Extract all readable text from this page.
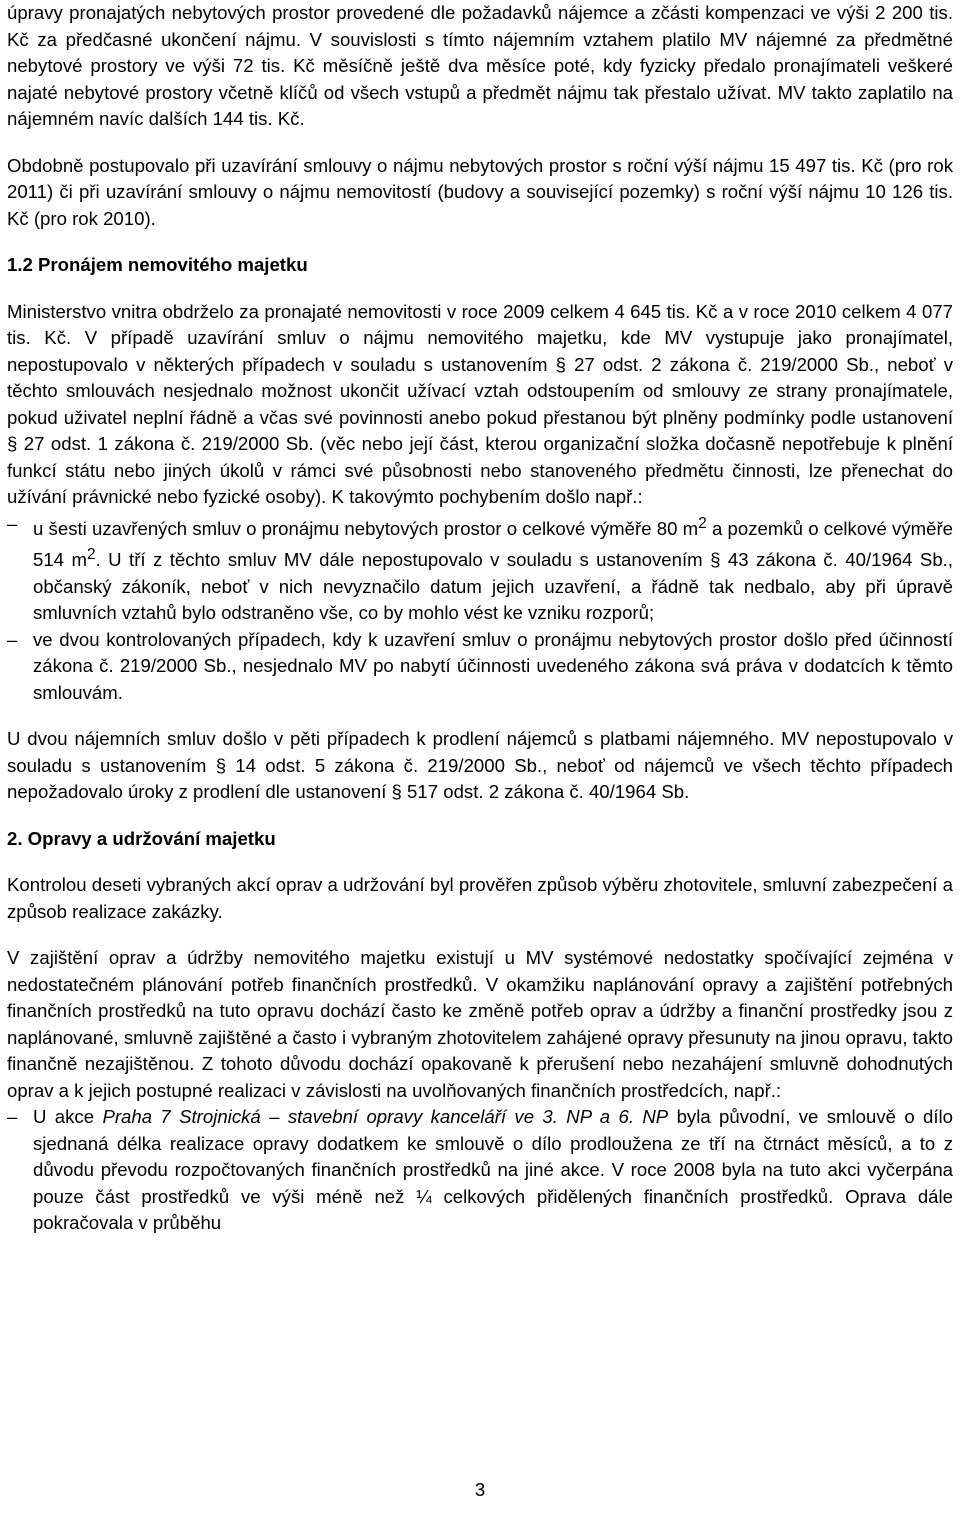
úpravy pronajatých nebytových prostor provedené dle požadavků nájemce a zčásti kompenzaci ve výši 2 200 tis. Kč za předčasné ukončení nájmu. V souvislosti s tímto nájemním vztahem platilo MV nájemné za předmětné nebytové prostory ve výši 72 tis. Kč měsíčně ještě dva měsíce poté, kdy fyzicky předalo pronajímateli veškeré najaté nebytové prostory včetně klíčů od všech vstupů a předmět nájmu tak přestalo užívat. MV takto zaplatilo na nájemném navíc dalších 144 tis. Kč.

Obdobně postupovalo při uzavírání smlouvy o nájmu nebytových prostor s roční výší nájmu 15 497 tis. Kč (pro rok 2011) či při uzavírání smlouvy o nájmu nemovitostí (budovy a související pozemky) s roční výší nájmu 10 126 tis. Kč (pro rok 2010).

1.2 Pronájem nemovitého majetku

Ministerstvo vnitra obdrželo za pronajaté nemovitosti v roce 2009 celkem 4 645 tis. Kč a v roce 2010 celkem 4 077 tis. Kč. V případě uzavírání smluv o nájmu nemovitého majetku, kde MV vystupuje jako pronajímatel, nepostupovalo v některých případech v souladu s ustanovením § 27 odst. 2 zákona č. 219/2000 Sb., neboť v těchto smlouvách nesjednalo možnost ukončit užívací vztah odstoupením od smlouvy ze strany pronajímatele, pokud uživatel neplní řádně a včas své povinnosti anebo pokud přestanou být plněny podmínky podle ustanovení § 27 odst. 1 zákona č. 219/2000 Sb. (věc nebo její část, kterou organizační složka dočasně nepotřebuje k plnění funkcí státu nebo jiných úkolů v rámci své působnosti nebo stanoveného předmětu činnosti, lze přenechat do užívání právnické nebo fyzické osoby). K takovýmto pochybením došlo např.:

– u šesti uzavřených smluv o pronájmu nebytových prostor o celkové výměře 80 $m^2$ a pozemků o celkové výměře 514 $m^2$. U tří z těchto smluv MV dále nepostupovalo v souladu s ustanovením § 43 zákona č. 40/1964 Sb., občanský zákoník, neboť v nich nevyznačilo datum jejich uzavření, a řádně tak nedbalo, aby při úpravě smluvních vztahů bylo odstraněno vše, co by mohlo vést ke vzniku rozporů;
– ve dvou kontrolovaných případech, kdy k uzavření smluv o pronájmu nebytových prostor došlo před účinností zákona č. 219/2000 Sb., nesjednalo MV po nabytí účinnosti uvedeného zákona svá práva v dodatcích k těmto smlouvám.

U dvou nájemních smluv došlo v pěti případech k prodlení nájemců s platbami nájemného. MV nepostupovalo v souladu s ustanovením § 14 odst. 5 zákona č. 219/2000 Sb., neboť od nájemců ve všech těchto případech nepožadovalo úroky z prodlení dle ustanovení § 517 odst. 2 zákona č. 40/1964 Sb.

2. Opravy a udržování majetku

Kontrolou deseti vybraných akcí oprav a udržování byl prověřen způsob výběru zhotovitele, smluvní zabezpečení a způsob realizace zakázky.

V zajištění oprav a údržby nemovitého majetku existují u MV systémové nedostatky spočívající zejména v nedostatečném plánování potřeb finančních prostředků. V okamžiku naplánování opravy a zajištění potřebných finančních prostředků na tuto opravu dochází často ke změně potřeb oprav a údržby a finanční prostředky jsou z naplánované, smluvně zajištěné a často i vybraným zhotovitelem zahájené opravy přesunuty na jinou opravu, takto finančně nezajištěnou. Z tohoto důvodu dochází opakovaně k přerušení nebo nezahájení smluvně dohodnutých oprav a k jejich postupné realizaci v závislosti na uvolňovaných finančních prostředcích, např.:

– U akce Praha 7 Strojnická – stavební opravy kanceláří ve 3. NP a 6. NP byla původní, ve smlouvě o dílo sjednaná délka realizace opravy dodatkem ke smlouvě o dílo prodloužena ze tří na čtrnáct měsíců, a to z důvodu převodu rozpočtovaných finančních prostředků na jiné akce. V roce 2008 byla na tuto akci vyčerpána pouze část prostředků ve výši méně než ¼ celkových přidělených finančních prostředků. Oprava dále pokračovala v průběhu
3
